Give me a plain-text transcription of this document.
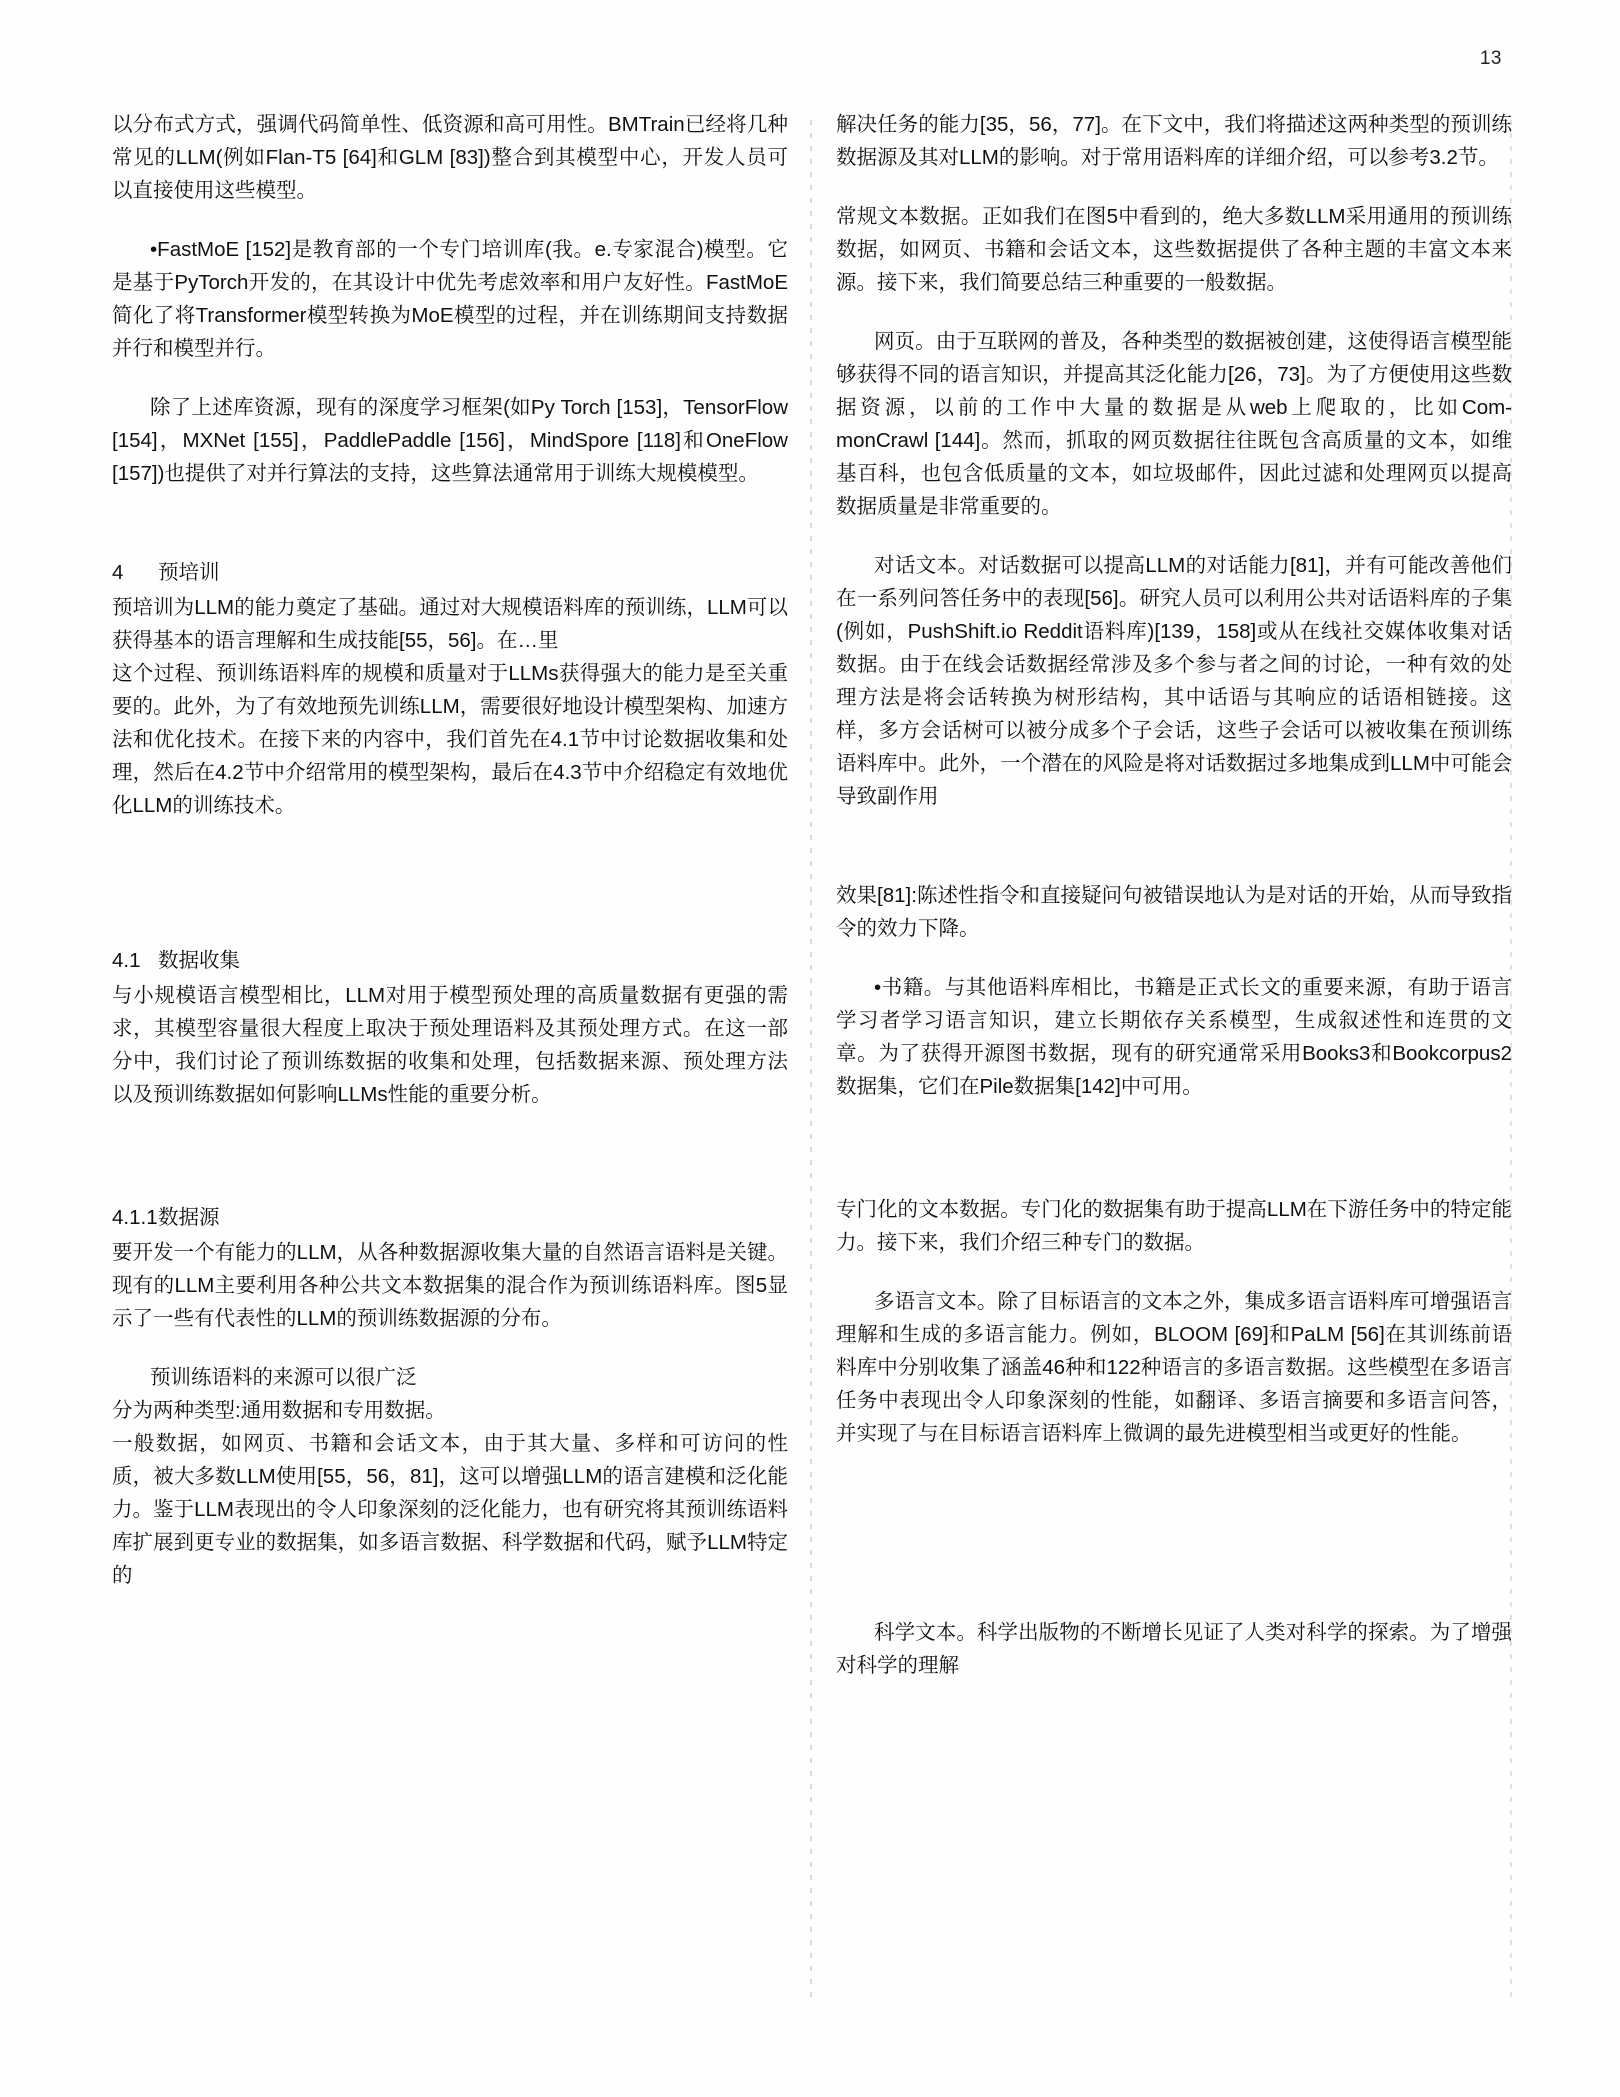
13

以分布式方式，强调代码简单性、低资源和高可用性。BMTrain已经将几种常见的LLM(例如Flan-T5 [64]和GLM [83])整合到其模型中心，开发人员可以直接使用这些模型。

•FastMoE [152]是教育部的一个专门培训库(我。e.专家混合)模型。它是基于PyTorch开发的，在其设计中优先考虑效率和用户友好性。FastMoE简化了将Transformer模型转换为MoE模型的过程，并在训练期间支持数据并行和模型并行。

除了上述库资源，现有的深度学习框架(如Py Torch [153]，TensorFlow [154]，MXNet [155]，PaddlePaddle [156]，MindSpore [118]和OneFlow [157])也提供了对并行算法的支持，这些算法通常用于训练大规模模型。

4 预培训

预培训为LLM的能力奠定了基础。通过对大规模语料库的预训练，LLM可以获得基本的语言理解和生成技能[55，56]。在…里

这个过程、预训练语料库的规模和质量对于LLMs获得强大的能力是至关重要的。此外，为了有效地预先训练LLM，需要很好地设计模型架构、加速方法和优化技术。在接下来的内容中，我们首先在4.1节中讨论数据收集和处理，然后在4.2节中介绍常用的模型架构，最后在4.3节中介绍稳定有效地优化LLM的训练技术。

4.1 数据收集

与小规模语言模型相比，LLM对用于模型预处理的高质量数据有更强的需求，其模型容量很大程度上取决于预处理语料及其预处理方式。在这一部分中，我们讨论了预训练数据的收集和处理，包括数据来源、预处理方法以及预训练数据如何影响LLMs性能的重要分析。

4.1.1数据源

要开发一个有能力的LLM，从各种数据源收集大量的自然语言语料是关键。现有的LLM主要利用各种公共文本数据集的混合作为预训练语料库。图5显示了一些有代表性的LLM的预训练数据源的分布。

预训练语料的来源可以很广泛

分为两种类型:通用数据和专用数据。

一般数据，如网页、书籍和会话文本，由于其大量、多样和可访问的性质，被大多数LLM使用[55，56，81]，这可以增强LLM的语言建模和泛化能力。鉴于LLM表现出的令人印象深刻的泛化能力，也有研究将其预训练语料库扩展到更专业的数据集，如多语言数据、科学数据和代码，赋予LLM特定的

解决任务的能力[35，56，77]。在下文中，我们将描述这两种类型的预训练数据源及其对LLM的影响。对于常用语料库的详细介绍，可以参考3.2节。

常规文本数据。正如我们在图5中看到的，绝大多数LLM采用通用的预训练数据，如网页、书籍和会话文本，这些数据提供了各种主题的丰富文本来源。接下来，我们简要总结三种重要的一般数据。

网页。由于互联网的普及，各种类型的数据被创建，这使得语言模型能够获得不同的语言知识，并提高其泛化能力[26，73]。为了方便使用这些数据资源，以前的工作中大量的数据是从web上爬取的，比如Com- monCrawl [144]。然而，抓取的网页数据往往既包含高质量的文本，如维基百科，也包含低质量的文本，如垃圾邮件，因此过滤和处理网页以提高数据质量是非常重要的。

对话文本。对话数据可以提高LLM的对话能力[81]，并有可能改善他们在一系列问答任务中的表现[56]。研究人员可以利用公共对话语料库的子集(例如，PushShift.io Reddit语料库)[139，158]或从在线社交媒体收集对话数据。由于在线会话数据经常涉及多个参与者之间的讨论，一种有效的处理方法是将会话转换为树形结构，其中话语与其响应的话语相链接。这样，多方会话树可以被分成多个子会话，这些子会话可以被收集在预训练语料库中。此外，一个潜在的风险是将对话数据过多地集成到LLM中可能会导致副作用

效果[81]:陈述性指令和直接疑问句被错误地认为是对话的开始，从而导致指令的效力下降。

•书籍。与其他语料库相比，书籍是正式长文的重要来源，有助于语言学习者学习语言知识，建立长期依存关系模型，生成叙述性和连贯的文章。为了获得开源图书数据，现有的研究通常采用Books3和Bookcorpus2数据集，它们在Pile数据集[142]中可用。

专门化的文本数据。专门化的数据集有助于提高LLM在下游任务中的特定能力。接下来，我们介绍三种专门的数据。

多语言文本。除了目标语言的文本之外，集成多语言语料库可增强语言理解和生成的多语言能力。例如，BLOOM [69]和PaLM [56]在其训练前语料库中分别收集了涵盖46种和122种语言的多语言数据。这些模型在多语言任务中表现出令人印象深刻的性能，如翻译、多语言摘要和多语言问答，并实现了与在目标语言语料库上微调的最先进模型相当或更好的性能。

科学文本。科学出版物的不断增长见证了人类对科学的探索。为了增强对科学的理解
